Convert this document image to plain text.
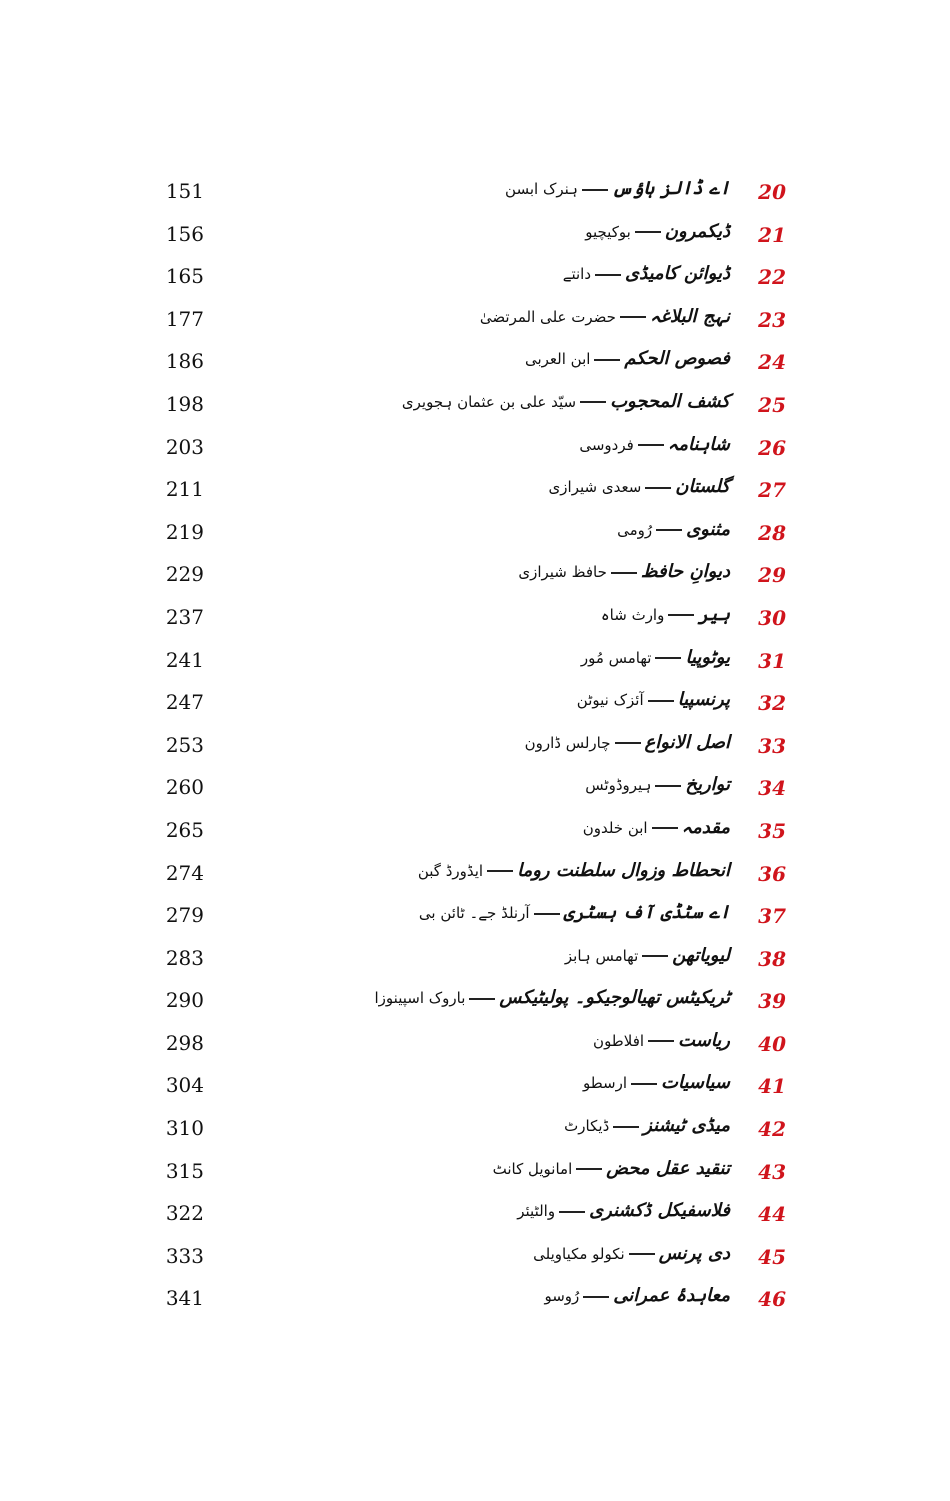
20
اے ڈالز ہاؤسہنرک ابسن
151
21
ڈیکمرونبوکیچیو
156
22
ڈیوائن کامیڈیدانتے
165
23
نہج البلاغہحضرت علی المرتضیٰ
177
24
فصوص الحکمابن العربی
186
25
کشف المحجوبسیّد علی بن عثمان ہجویری
198
26
شاہنامہفردوسی
203
27
گلستانسعدی شیرازی
211
28
مثنویرُومی
219
29
دیوانِ حافظحافظ شیرازی
229
30
ہیروارث شاہ
237
31
یوٹوپیاتھامس مُور
241
32
پرنسپیاآئزک نیوٹن
247
33
اصل الانواعچارلس ڈارون
253
34
تواریخہیروڈوٹس
260
35
مقدمہابن خلدون
265
36
انحطاط وزوال سلطنت روماایڈورڈ گبن
274
37
اے سٹڈی آف ہسٹریآرنلڈ جے۔ ٹائن بی
279
38
لیویاتھنتھامس ہابز
283
39
ٹریکیٹس تھیالوجیکو۔ پولیٹیکسباروک اسپینوزا
290
40
ریاستافلاطون
298
41
سیاسیاتارسطو
304
42
میڈی ٹیشنزڈیکارٹ
310
43
تنقید عقل محضامانویل کانٹ
315
44
فلاسفیکل ڈکشنریوالٹیئر
322
45
دی پرنسنکولو مکیاویلی
333
46
معاہدۂ عمرانیرُوسو
341
